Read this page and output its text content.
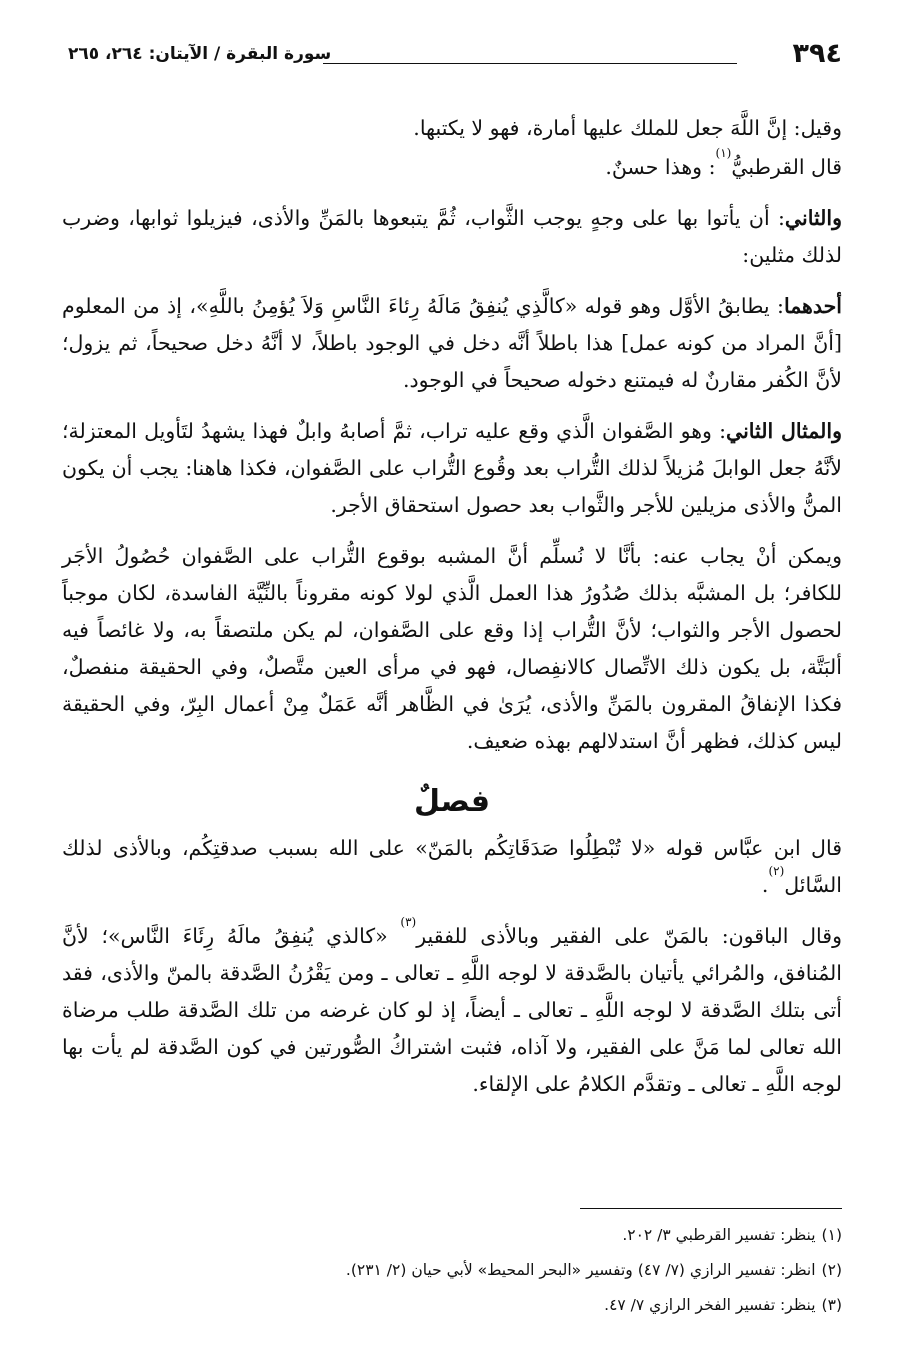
٣٩٤
سورة البقرة / الآيتان: ٢٦٤، ٢٦٥

وقيل: إنَّ اللَّهَ جعل للملك عليها أمارة، فهو لا يكتبها.

قال القرطبيُّ$^{(١)}$: وهذا حسنٌ.

والثاني: أن يأتوا بها على وجهٍ يوجب الثَّواب، ثُمَّ يتبعوها بالمَنِّ والأذى، فيزيلوا ثوابها، وضرب لذلك مثلين:

أحدهما: يطابقُ الأوَّل وهو قوله «كالَّذِي يُنفِقُ مَالَهُ رِئاءَ النَّاسِ وَلاَ يُؤمِنُ باللَّهِ»، إذ من المعلوم [أنَّ المراد من كونه عمل] هذا باطلاً أنَّه دخل في الوجود باطلاً، لا أنَّهُ دخل صحيحاً، ثم يزول؛ لأنَّ الكُفر مقارنٌ له فيمتنع دخوله صحيحاً في الوجود.

والمثال الثاني: وهو الصَّفوان الَّذي وقع عليه تراب، ثمَّ أصابهُ وابلٌ فهذا يشهدُ لتَأويل المعتزلة؛ لأنَّهُ جعل الوابلَ مُزيلاً لذلك التُّراب بعد وقُوع التُّراب على الصَّفوان، فكذا هاهنا: يجب أن يكون المنُّ والأذى مزيلين للأجر والثَّواب بعد حصول استحقاق الأجر.

ويمكن أنْ يجاب عنه: بأنَّا لا نُسلِّم أنَّ المشبه بوقوع التُّراب على الصَّفوان حُصُولُ الأجَر للكافر؛ بل المشبَّه بذلك صُدُورُ هذا العمل الَّذي لولا كونه مقروناً بالنِّيَّة الفاسدة، لكان موجباً لحصول الأجر والثواب؛ لأنَّ التُّراب إذا وقع على الصَّفوان، لم يكن ملتصقاً به، ولا غائصاً فيه ألبَتَّة، بل يكون ذلك الاتِّصال كالانفِصال، فهو في مرأى العين متَّصلٌ، وفي الحقيقة منفصلٌ، فكذا الإنفاقُ المقرون بالمَنِّ والأذى، يُرَىٰ في الظَّاهر أنَّه عَمَلٌ مِنْ أعمال البِرّ، وفي الحقيقة ليس كذلك، فظهر أنَّ استدلالهم بهذه ضعيف.

فصلٌ

قال ابن عبَّاس قوله «لا تُبْطِلُوا صَدَقَاتِكُم بالمَنّ» على الله بسبب صدقتِكُم، وبالأذى لذلك السَّائل$^{(٢)}$.

وقال الباقون: بالمَنّ على الفقير وبالأذى للفقير$^{(٣)}$ «كالذي يُنفِقُ مالَهُ رِئَاءَ النَّاس»؛ لأنَّ المُنافق، والمُرائي يأتيان بالصَّدقة لا لوجه اللَّهِ ـ تعالى ـ ومن يَقْرُنُ الصَّدقة بالمنّ والأذى، فقد أتى بتلك الصَّدقة لا لوجه اللَّهِ ـ تعالى ـ أيضاً، إذ لو كان غرضه من تلك الصَّدقة طلب مرضاة الله تعالى لما مَنَّ على الفقير، ولا آذاه، فثبت اشتراكُ الصُّورتين في كون الصَّدقة لم يأت بها لوجه اللَّهِ ـ تعالى ـ وتقدَّم الكلامُ على الإلقاء.

(١)ينظر: تفسير القرطبي ٣/ ٢٠٢.
(٢)انظر: تفسير الرازي (٧/ ٤٧) وتفسير «البحر المحيط» لأبي حيان (٢/ ٢٣١).
(٣)ينظر: تفسير الفخر الرازي ٧/ ٤٧.
